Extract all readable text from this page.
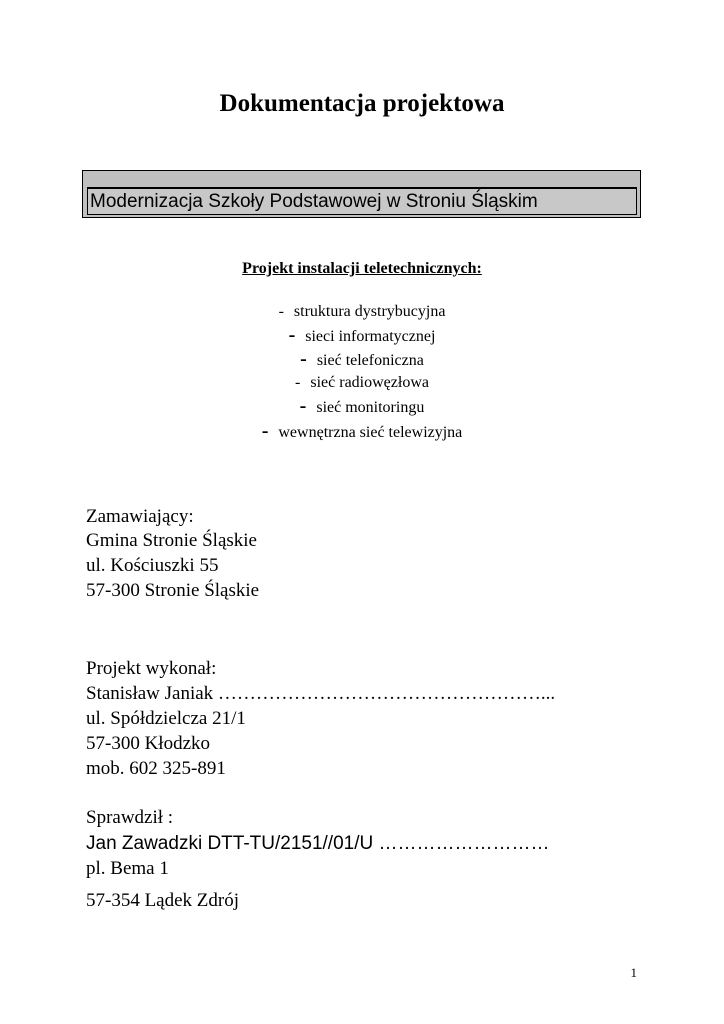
Dokumentacja projektowa
Modernizacja Szkoły Podstawowej w Stroniu Śląskim
Projekt instalacji teletechnicznych:
- struktura dystrybucyjna
- sieci informatycznej
- sieć telefoniczna
- sieć radiowęzłowa
- sieć monitoringu
- wewnętrzna sieć telewizyjna
Zamawiający:
Gmina Stronie Śląskie
ul. Kościuszki 55
57-300 Stronie Śląskie
Projekt wykonał:
Stanisław Janiak ……………………………………………...
ul. Spółdzielcza 21/1
57-300 Kłodzko
mob. 602 325-891
Sprawdził :
Jan Zawadzki DTT-TU/2151//01/U ………………………
pl. Bema 1
57-354 Lądek Zdrój
1
